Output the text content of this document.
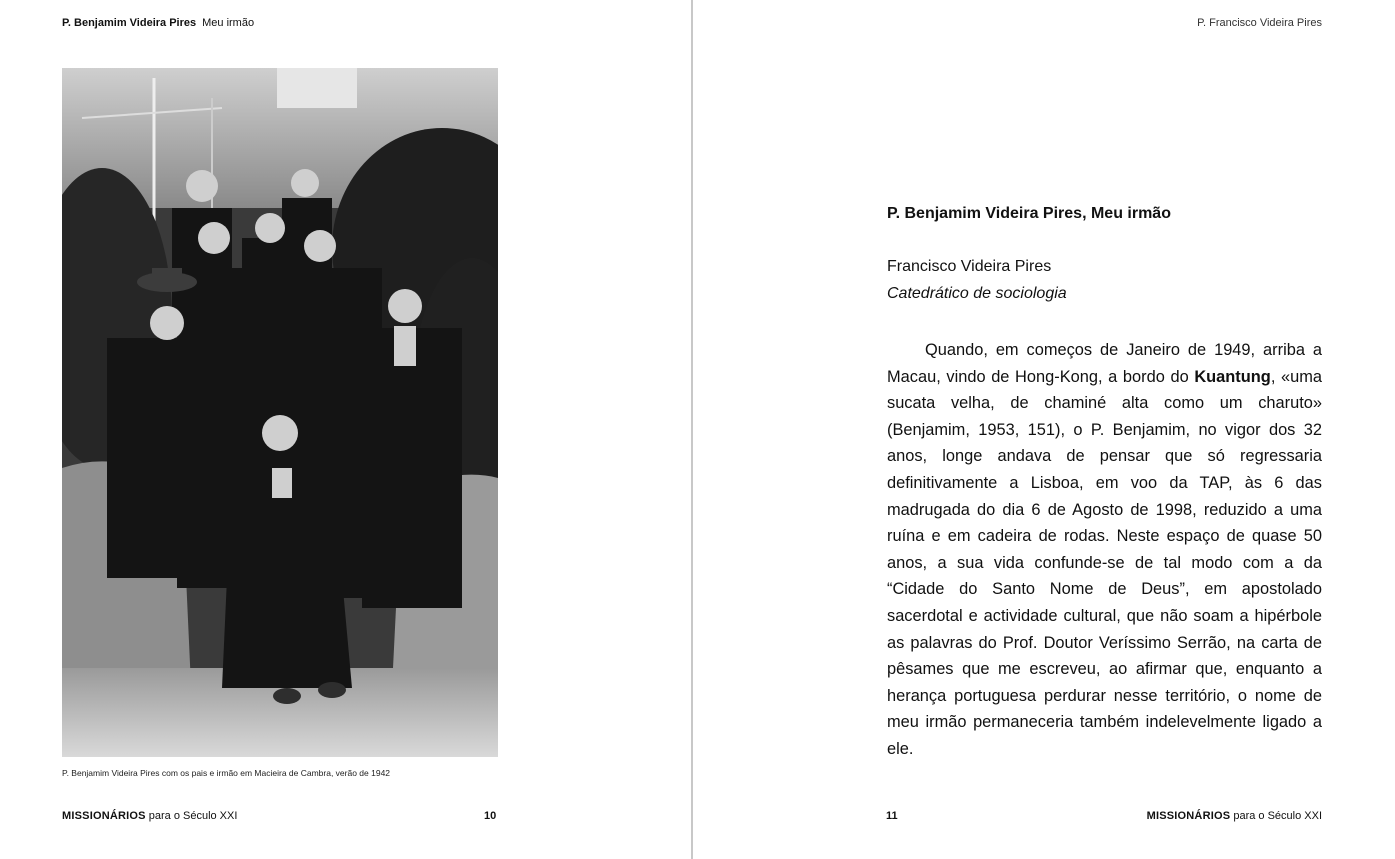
P. Benjamim Videira Pires Meu irmão
P. Benjamim Videira Pires com os pais e irmão em Macieira de Cambra, verão de 1942
MISSIONÁRIOS para o Século XXI	10
P. Francisco Videira Pires
P. Benjamim Videira Pires, Meu irmão
Francisco Videira Pires
Catedrático de sociologia
Quando, em começos de Janeiro de 1949, arriba a Macau, vindo de Hong-Kong, a bordo do Kuantung, «uma sucata velha, de chaminé alta como um charuto» (Benjamim, 1953, 151), o P. Benjamim, no vigor dos 32 anos, longe andava de pensar que só regressaria definitivamente a Lisboa, em voo da TAP, às 6 das madrugada do dia 6 de Agosto de 1998, reduzido a uma ruína e em cadeira de rodas. Neste espaço de quase 50 anos, a sua vida confunde-se de tal modo com a da “Cidade do Santo Nome de Deus”, em apostolado sacerdotal e actividade cultural, que não soam a hipérbole as palavras do Prof. Doutor Veríssimo Serrão, na carta de pêsames que me escreveu, ao afirmar que, enquanto a herança portuguesa perdurar nesse território, o nome de meu irmão permaneceria também indelevelmente ligado a ele.
11	MISSIONÁRIOS para o Século XXI
